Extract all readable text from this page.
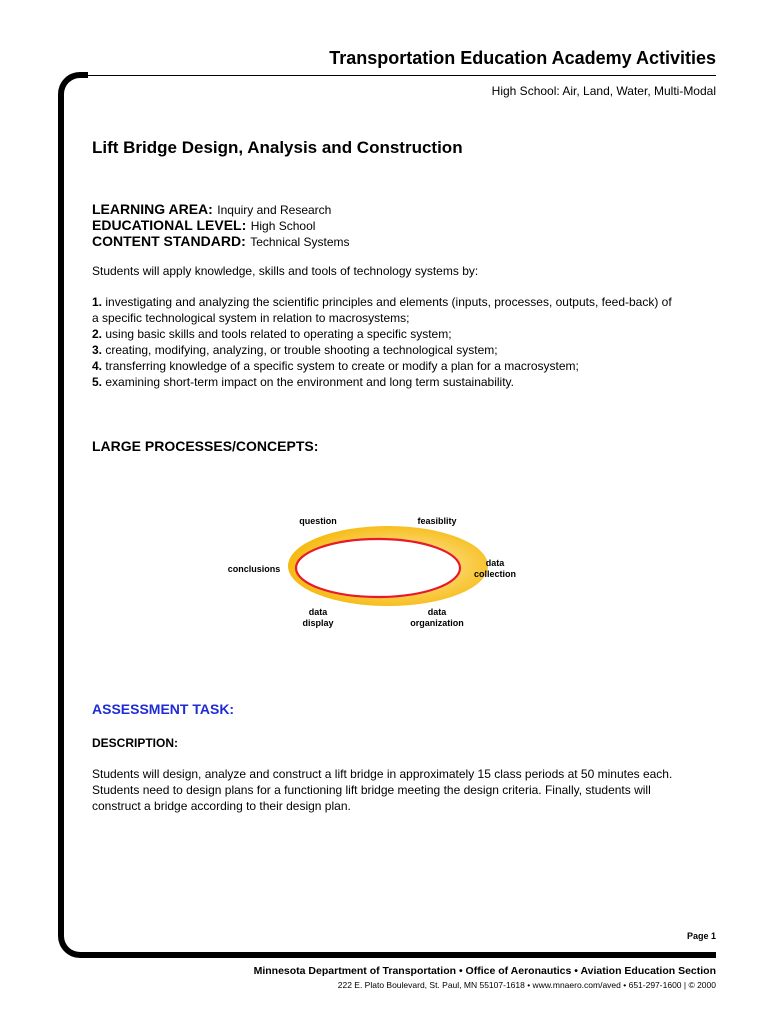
Transportation Education Academy Activities
High School: Air, Land, Water, Multi-Modal
Lift Bridge Design, Analysis and Construction
LEARNING AREA: Inquiry and Research
EDUCATIONAL LEVEL: High School
CONTENT STANDARD: Technical Systems

Students will apply knowledge, skills and tools of technology systems by:

1. investigating and analyzing the scientific principles and elements (inputs, processes, outputs, feed-back) of a specific technological system in relation to macrosystems;
2. using basic skills and tools related to operating a specific system;
3. creating, modifying, analyzing, or trouble shooting a technological system;
4. transferring knowledge of a specific system to create or modify a plan for a macrosystem;
5. examining short-term impact on the environment and long term sustainability.
LARGE PROCESSES/CONCEPTS:
question	feasiblity
data
collection
data
organization
data
display
conclusions
ASSESSMENT TASK:
DESCRIPTION:

Students will design, analyze and construct a lift bridge in approximately 15 class periods at 50 minutes each. Students need to design plans for a functioning lift bridge meeting the design criteria. Finally, students will construct a bridge according to their design plan.

Page 1
Minnesota Department of Transportation • Office of Aeronautics • Aviation Education Section
222 E. Plato Boulevard, St. Paul, MN 55107-1618 • www.mnaero.com/aved • 651-297-1600 | © 2000
